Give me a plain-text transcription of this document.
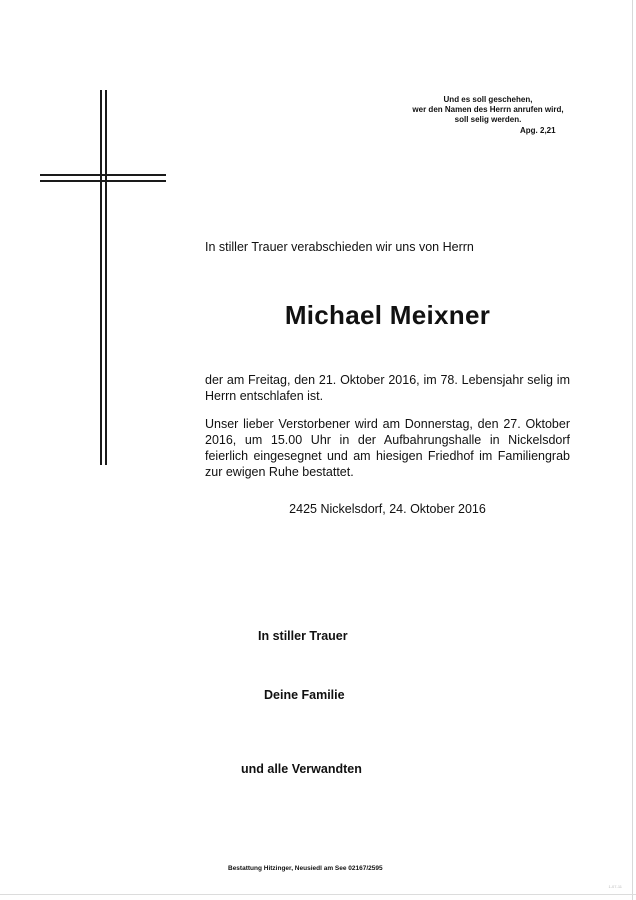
Und es soll geschehen,
wer den Namen des Herrn anrufen wird,
soll selig werden.
Apg. 2,21
In stiller Trauer verabschieden wir uns von Herrn
Michael Meixner
der am Freitag, den 21. Oktober 2016, im 78. Lebensjahr selig im Herrn entschlafen ist.
Unser lieber Verstorbener wird am Donnerstag, den 27. Oktober 2016, um 15.00 Uhr in der Aufbahrungshalle in Nickelsdorf feierlich eingesegnet und am hiesigen Friedhof im Familiengrab zur ewigen Ruhe bestattet.
2425 Nickelsdorf, 24. Oktober 2016
In stiller Trauer
Deine Familie
und alle Verwandten
Bestattung Hitzinger, Neusiedl am See 02167/2595
1-07-11
